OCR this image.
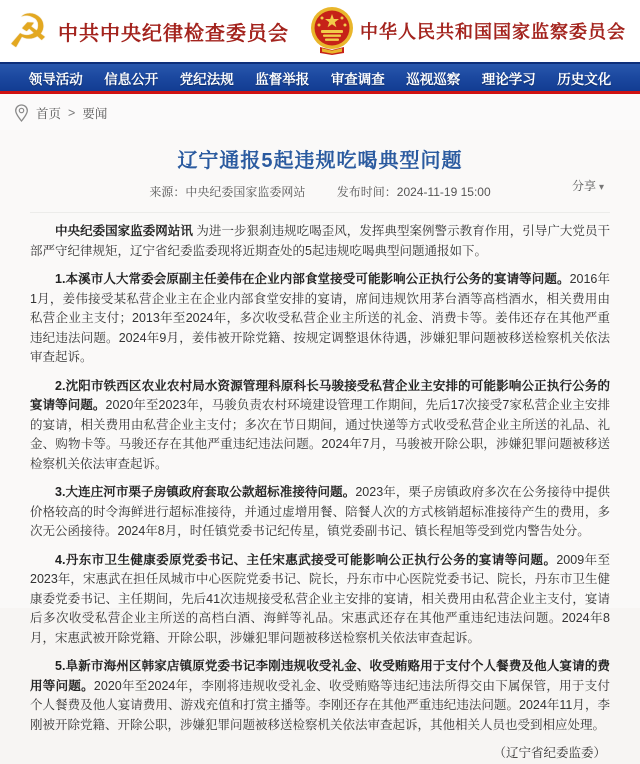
☭ 中共中央纪律检查委员会	中华人民共和国国家监察委员会
领导活动 信息公开 党纪法规 监督举报 审查调查 巡视巡察 理论学习 历史文化
首页 > 要闻
辽宁通报5起违规吃喝典型问题
来源：中央纪委国家监委网站	发布时间：2024-11-19 15:00	分享 ▾

中央纪委国家监委网站讯 为进一步狠刹违规吃喝歪风，发挥典型案例警示教育作用，引导广大党员干部严守纪律规矩，辽宁省纪委监委现将近期查处的5起违规吃喝典型问题通报如下。

1.本溪市人大常委会原副主任姜伟在企业内部食堂接受可能影响公正执行公务的宴请等问题。2016年1月，姜伟接受某私营企业主在企业内部食堂安排的宴请，席间违规饮用茅台酒等高档酒水，相关费用由私营企业主支付；2013年至2024年，多次收受私营企业主所送的礼金、消费卡等。姜伟还存在其他严重违纪违法问题。2024年9月，姜伟被开除党籍、按规定调整退休待遇，涉嫌犯罪问题被移送检察机关依法审查起诉。

2.沈阳市铁西区农业农村局水资源管理科原科长马骏接受私营企业主安排的可能影响公正执行公务的宴请等问题。2020年至2023年，马骏负责农村环境建设管理工作期间，先后17次接受7家私营企业主安排的宴请，相关费用由私营企业主支付；多次在节日期间，通过快递等方式收受私营企业主所送的礼品、礼金、购物卡等。马骏还存在其他严重违纪违法问题。2024年7月，马骏被开除公职，涉嫌犯罪问题被移送检察机关依法审查起诉。

3.大连庄河市栗子房镇政府套取公款超标准接待问题。2023年，栗子房镇政府多次在公务接待中提供价格较高的时令海鲜进行超标准接待，并通过虚增用餐、陪餐人次的方式核销超标准接待产生的费用，多次无公函接待。2024年8月，时任镇党委书记纪传星，镇党委副书记、镇长程旭等受到党内警告处分。

4.丹东市卫生健康委原党委书记、主任宋惠武接受可能影响公正执行公务的宴请等问题。2009年至2023年，宋惠武在担任凤城市中心医院党委书记、院长，丹东市中心医院党委书记、院长，丹东市卫生健康委党委书记、主任期间，先后41次违规接受私营企业主安排的宴请，相关费用由私营企业主支付，宴请后多次收受私营企业主所送的高档白酒、海鲜等礼品。宋惠武还存在其他严重违纪违法问题。2024年8月，宋惠武被开除党籍、开除公职，涉嫌犯罪问题被移送检察机关依法审查起诉。

5.阜新市海州区韩家店镇原党委书记李刚违规收受礼金、收受贿赂用于支付个人餐费及他人宴请的费用等问题。2020年至2024年，李刚将违规收受礼金、收受贿赂等违纪违法所得交由下属保管，用于支付个人餐费及他人宴请费用、游戏充值和打赏主播等。李刚还存在其他严重违纪违法问题。2024年11月，李刚被开除党籍、开除公职，涉嫌犯罪问题被移送检察机关依法审查起诉，其他相关人员也受到相应处理。

（辽宁省纪委监委）
